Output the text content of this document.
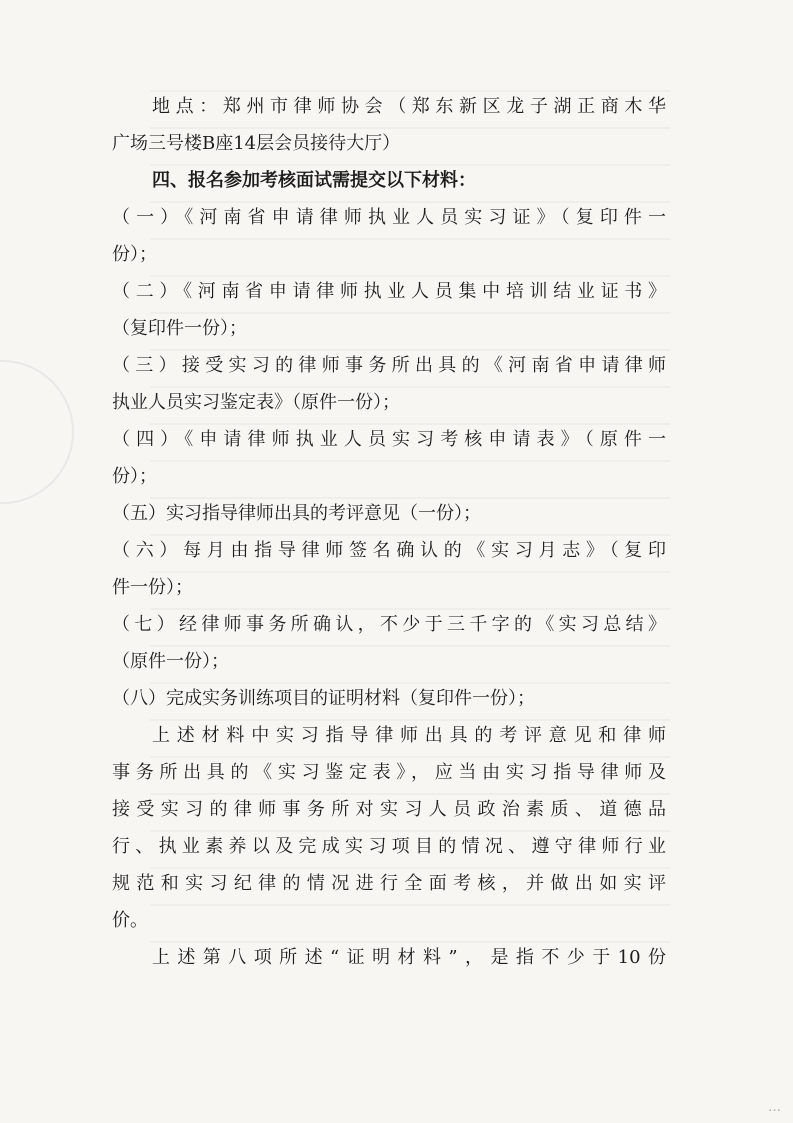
地点：郑州市律师协会（郑东新区龙子湖正商木华
广场三号楼B座14层会员接待大厅）
四、报名参加考核面试需提交以下材料：
（一）《河南省申请律师执业人员实习证》（复印件一
份）；
（二）《河南省申请律师执业人员集中培训结业证书》
（复印件一份）；
（三）接受实习的律师事务所出具的《河南省申请律师
执业人员实习鉴定表》（原件一份）；
（四）《申请律师执业人员实习考核申请表》（原件一
份）；
（五）实习指导律师出具的考评意见（一份）；
（六）每月由指导律师签名确认的《实习月志》（复印
件一份）；
（七）经律师事务所确认，不少于三千字的《实习总结》
（原件一份）；
（八）完成实务训练项目的证明材料（复印件一份）；
上述材料中实习指导律师出具的考评意见和律师
事务所出具的《实习鉴定表》，应当由实习指导律师及
接受实习的律师事务所对实习人员政治素质、道德品
行、执业素养以及完成实习项目的情况、遵守律师行业
规范和实习纪律的情况进行全面考核，并做出如实评
价。
上述第八项所述“证明材料”，是指不少于10份
…
